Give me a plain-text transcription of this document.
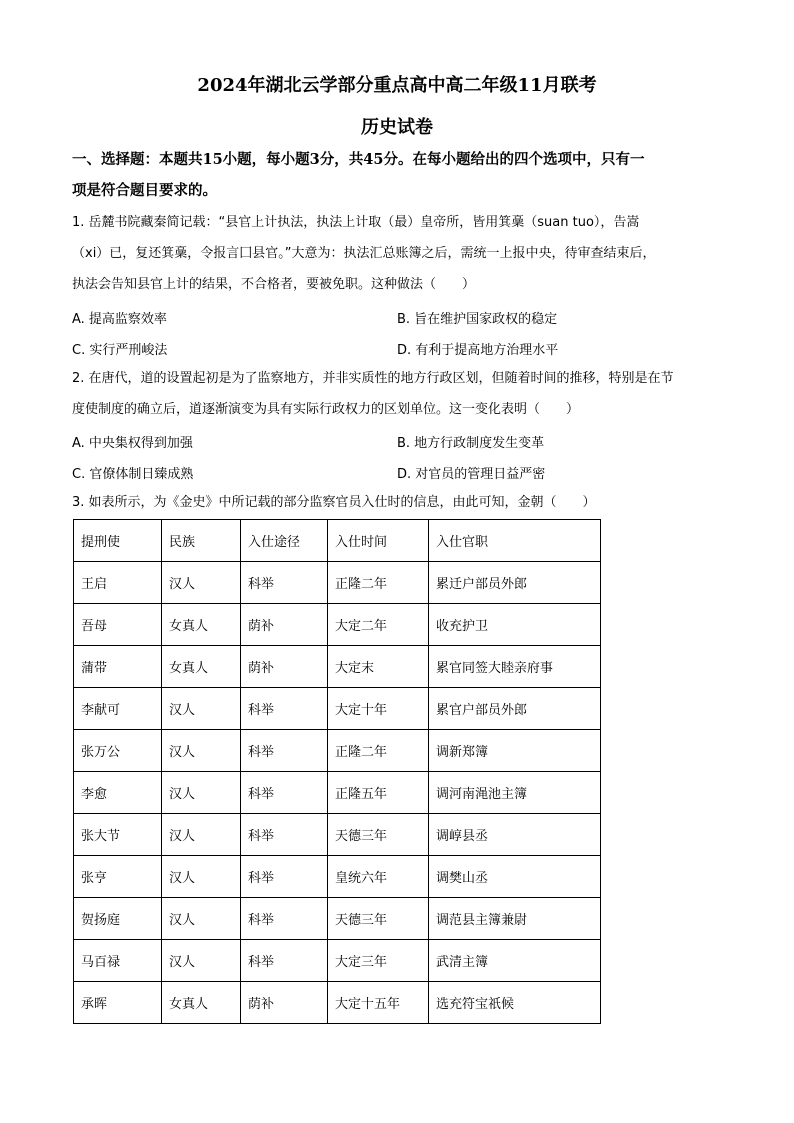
2024年湖北云学部分重点高中高二年级11月联考
历史试卷
一、选择题：本题共15小题，每小题3分，共45分。在每小题给出的四个选项中，只有一
项是符合题目要求的。
1. 岳麓书院藏秦简记载：“县官上计执法，执法上计取（最）皇帝所，皆用箕稾（suan tuo），告嵩
（xi）已，复还箕稾，令报言囗县官。”大意为：执法汇总账簿之后，需统一上报中央，待审查结束后，
执法会告知县官上计的结果，不合格者，要被免职。这种做法（　　）
A. 提高监察效率	B. 旨在维护国家政权的稳定
C. 实行严刑峻法	D. 有利于提高地方治理水平
2. 在唐代，道的设置起初是为了监察地方，并非实质性的地方行政区划，但随着时间的推移，特别是在节
度使制度的确立后，道逐渐演变为具有实际行政权力的区划单位。这一变化表明（　　）
A. 中央集权得到加强	B. 地方行政制度发生变革
C. 官僚体制日臻成熟	D. 对官员的管理日益严密
3. 如表所示，为《金史》中所记载的部分监察官员入仕时的信息，由此可知，金朝（　　）
提刑使	民族	入仕途径	入仕时间	入仕官职
王启	汉人	科举	正隆二年	累迁户部员外郎
吾母	女真人	荫补	大定二年	收充护卫
蒲带	女真人	荫补	大定末	累官同签大睦亲府事
李献可	汉人	科举	大定十年	累官户部员外郎
张万公	汉人	科举	正隆二年	调新郑簿
李愈	汉人	科举	正隆五年	调河南渑池主簿
张大节	汉人	科举	天德三年	调崞县丞
张亨	汉人	科举	皇统六年	调樊山丞
贺扬庭	汉人	科举	天德三年	调范县主簿兼尉
马百禄	汉人	科举	大定三年	武清主簿
承晖	女真人	荫补	大定十五年	选充符宝祇候
